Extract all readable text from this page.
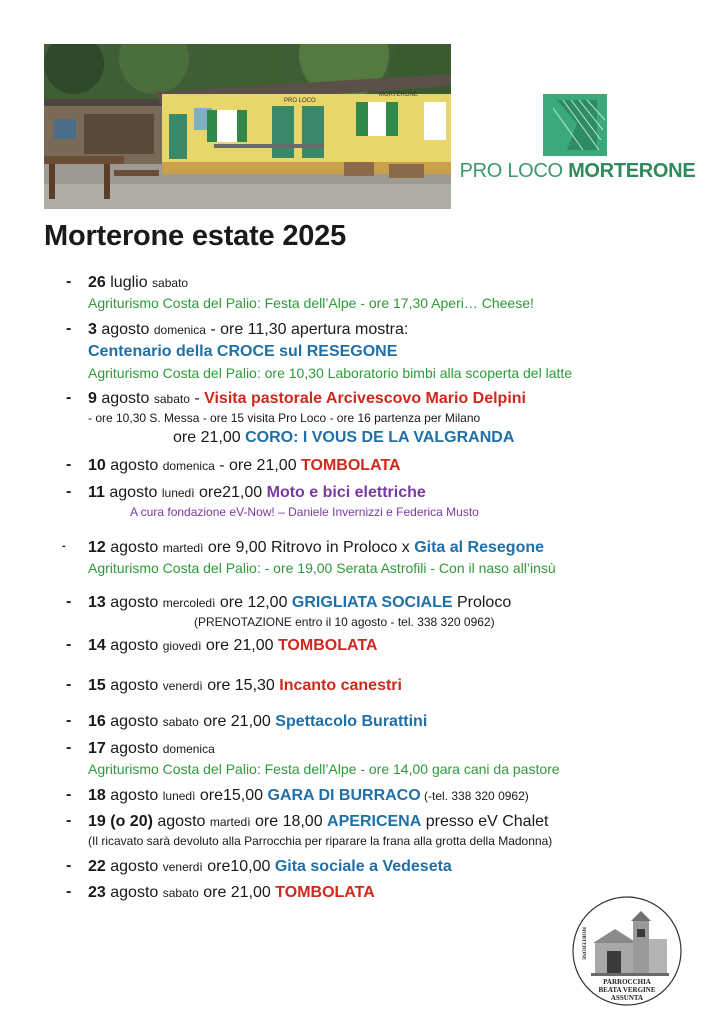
PRO LOCO
MORTERONE
PRO LOCO MORTERONE
Morterone estate 2025
- 26 luglio sabato
Agriturismo Costa del Palio: Festa dell’Alpe - ore 17,30 Aperi… Cheese!
- 3 agosto domenica - ore 11,30 apertura mostra:
Centenario della CROCE sul RESEGONE
Agriturismo Costa del Palio: ore 10,30 Laboratorio bimbi alla scoperta del latte
- 9 agosto sabato - Visita pastorale Arcivescovo Mario Delpini
- ore 10,30 S. Messa - ore 15 visita Pro Loco - ore 16 partenza per Milano
ore 21,00 CORO: I VOUS DE LA VALGRANDA
- 10 agosto domenica - ore 21,00 TOMBOLATA
- 11 agosto lunedì ore21,00 Moto e bici elettriche
A cura fondazione eV-Now! – Daniele Invernizzi e Federica Musto
- 12 agosto martedì ore 9,00 Ritrovo in Proloco x Gita al Resegone
Agriturismo Costa del Palio: - ore 19,00 Serata Astrofili - Con il naso all’insù
- 13 agosto mercoledì ore 12,00 GRIGLIATA SOCIALE Proloco
(PRENOTAZIONE entro il 10 agosto - tel. 338 320 0962)
- 14 agosto giovedì ore 21,00 TOMBOLATA
- 15 agosto venerdì ore 15,30 Incanto canestri
- 16 agosto sabato ore 21,00 Spettacolo Burattini
- 17 agosto domenica
Agriturismo Costa del Palio: Festa dell’Alpe - ore 14,00 gara cani da pastore
- 18 agosto lunedì ore15,00 GARA DI BURRACO (-tel. 338 320 0962)
- 19 (o 20) agosto martedì ore 18,00 APERICENA presso eV Chalet
(Il ricavato sarà devoluto alla Parrocchia per riparare la frana alla grotta della Madonna)
- 22 agosto venerdì ore10,00 Gita sociale a Vedeseta
- 23 agosto sabato ore 21,00 TOMBOLATA
MORTERONE
PARROCCHIA
BEATA VERGINE
ASSUNTA
